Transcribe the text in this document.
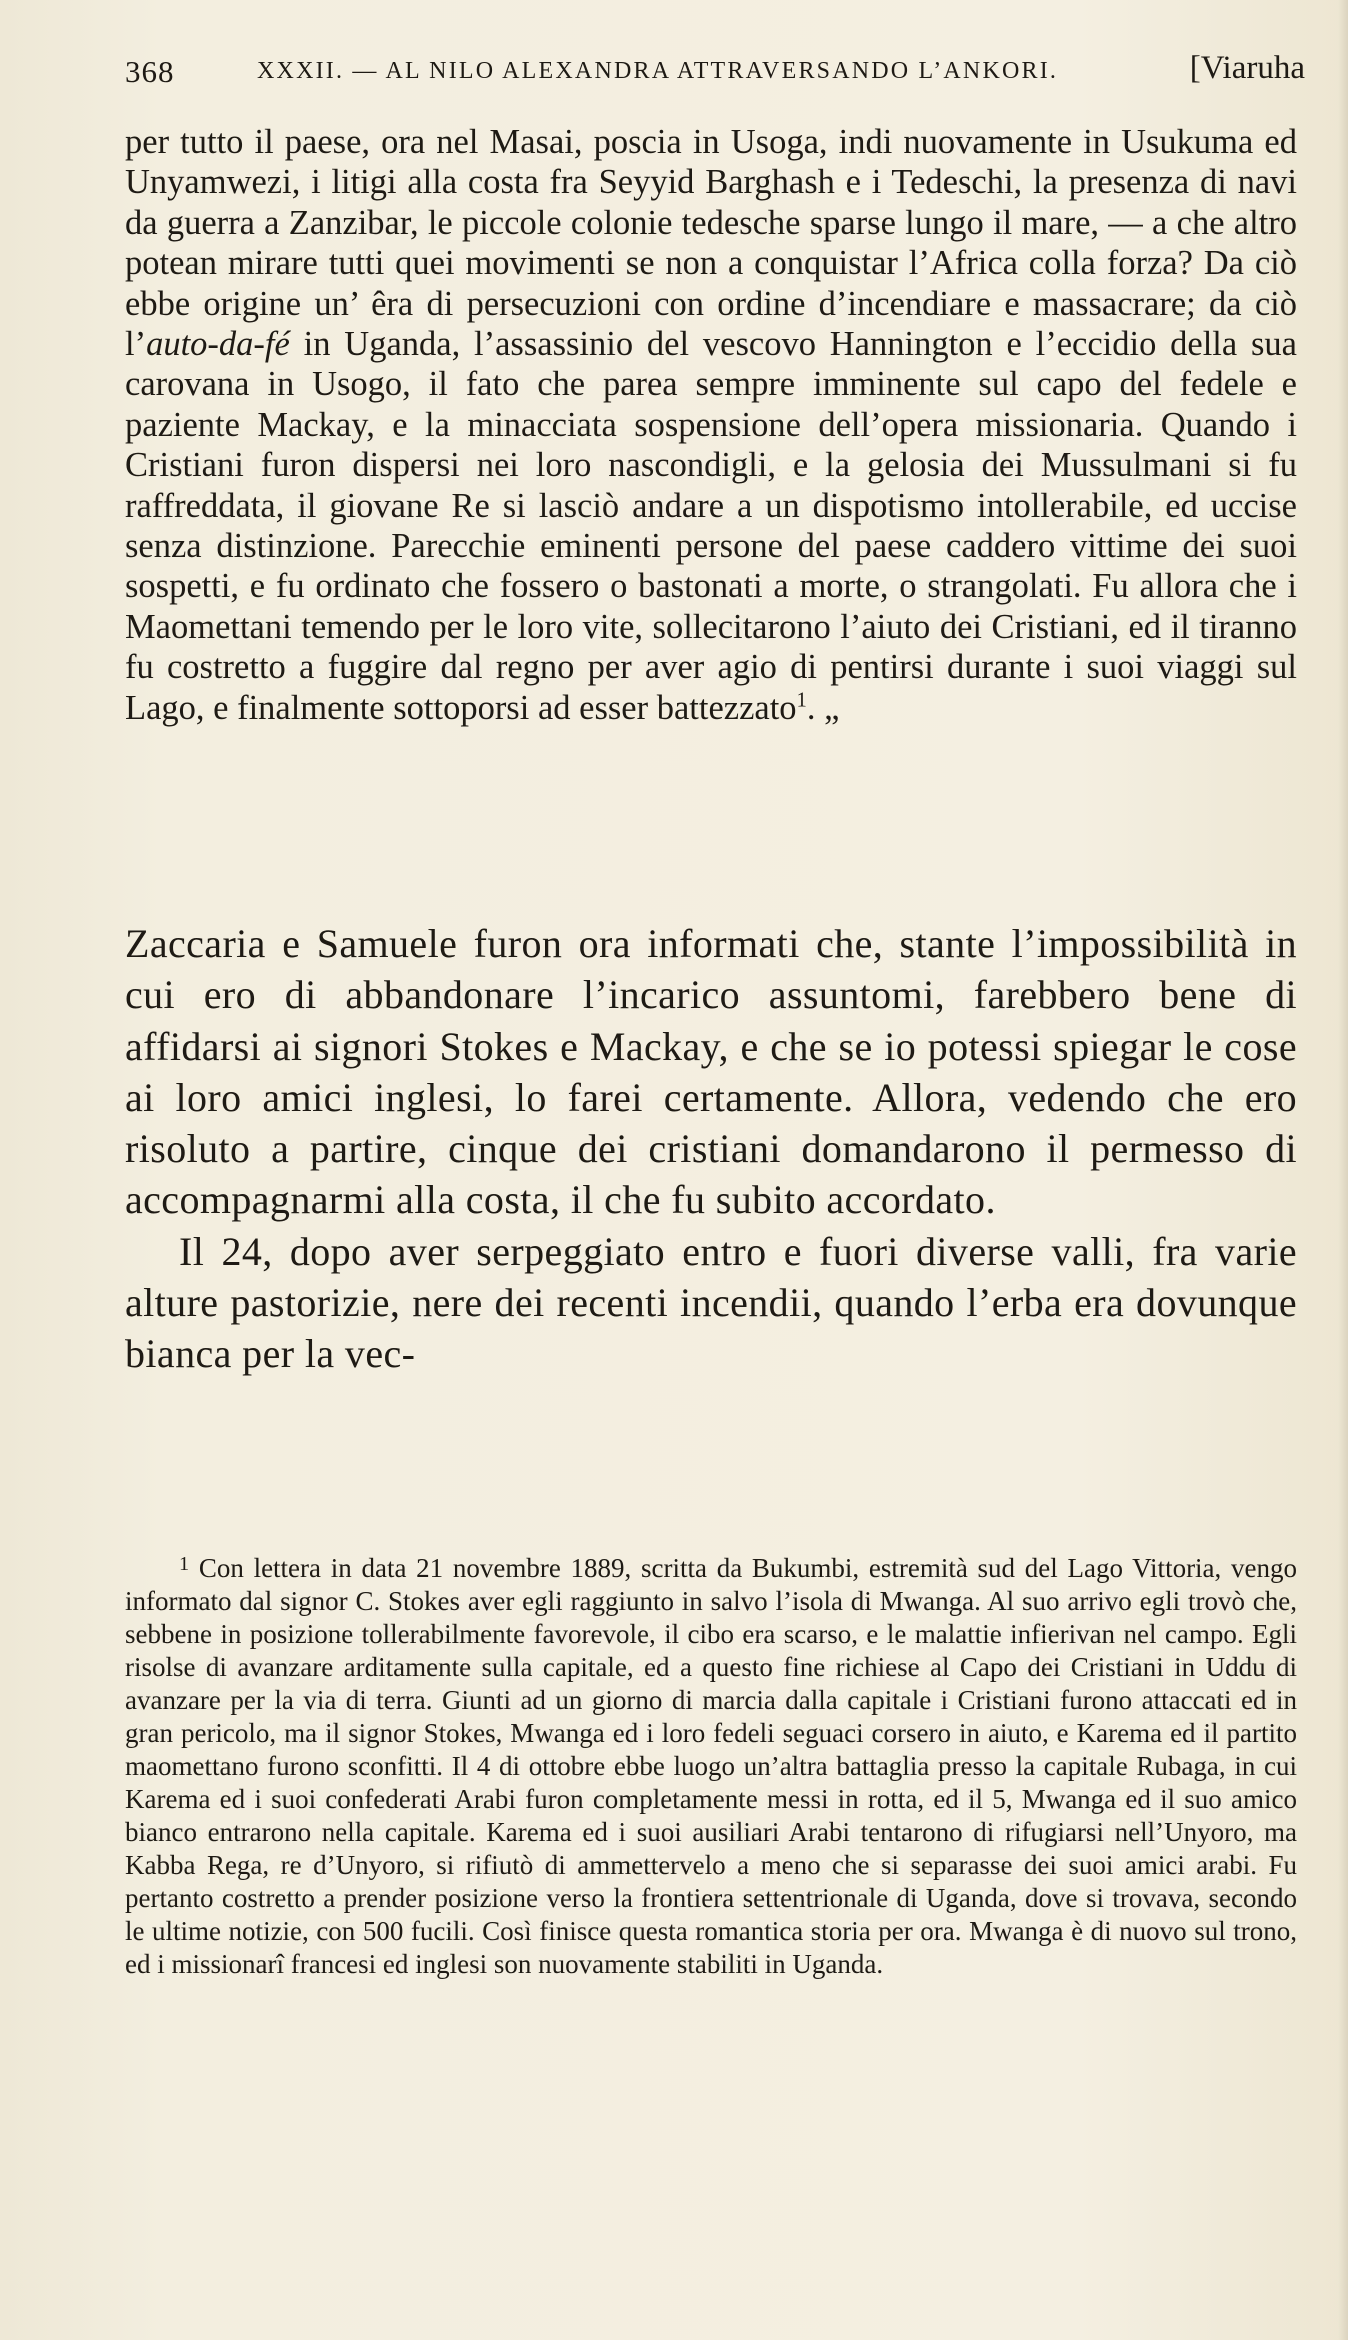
368	XXXII. — AL NILO ALEXANDRA ATTRAVERSANDO L’ANKORI.	[Viaruha

per tutto il paese, ora nel Masai, poscia in Usoga, indi nuovamente in Usukuma ed Unyamwezi, i litigi alla costa fra Seyyid Barghash e i Tedeschi, la presenza di navi da guerra a Zanzibar, le piccole colonie tedesche sparse lungo il mare, — a che altro potean mirare tutti quei movimenti se non a conquistar l’Africa colla forza? Da ciò ebbe origine un’ êra di persecuzioni con ordine d’incendiare e massacrare; da ciò l’auto-da-fé in Uganda, l’assassinio del vescovo Hannington e l’eccidio della sua carovana in Usogo, il fato che parea sempre imminente sul capo del fedele e paziente Mackay, e la minacciata sospensione dell’opera missionaria. Quando i Cristiani furon dispersi nei loro nascondigli, e la gelosia dei Mussulmani si fu raffreddata, il giovane Re si lasciò andare a un dispotismo intollerabile, ed uccise senza distinzione. Parecchie eminenti persone del paese caddero vittime dei suoi sospetti, e fu ordinato che fossero o bastonati a morte, o strangolati. Fu allora che i Maomettani temendo per le loro vite, sollecitarono l’aiuto dei Cristiani, ed il tiranno fu costretto a fuggire dal regno per aver agio di pentirsi durante i suoi viaggi sul Lago, e finalmente sottoporsi ad esser battezzato$^1$. „

Zaccaria e Samuele furon ora informati che, stante l’impossibilità in cui ero di abbandonare l’incarico assuntomi, farebbero bene di affidarsi ai signori Stokes e Mackay, e che se io potessi spiegar le cose ai loro amici inglesi, lo farei certamente. Allora, vedendo che ero risoluto a partire, cinque dei cristiani domandarono il permesso di accompagnarmi alla costa, il che fu subito accordato.

Il 24, dopo aver serpeggiato entro e fuori diverse valli, fra varie alture pastorizie, nere dei recenti incendii, quando l’erba era dovunque bianca per la vec-

$^1$ Con lettera in data 21 novembre 1889, scritta da Bukumbi, estremità sud del Lago Vittoria, vengo informato dal signor C. Stokes aver egli raggiunto in salvo l’isola di Mwanga. Al suo arrivo egli trovò che, sebbene in posizione tollerabilmente favorevole, il cibo era scarso, e le malattie infierivan nel campo. Egli risolse di avanzare arditamente sulla capitale, ed a questo fine richiese al Capo dei Cristiani in Uddu di avanzare per la via di terra. Giunti ad un giorno di marcia dalla capitale i Cristiani furono attaccati ed in gran pericolo, ma il signor Stokes, Mwanga ed i loro fedeli seguaci corsero in aiuto, e Karema ed il partito maomettano furono sconfitti. Il 4 di ottobre ebbe luogo un’altra battaglia presso la capitale Rubaga, in cui Karema ed i suoi confederati Arabi furon completamente messi in rotta, ed il 5, Mwanga ed il suo amico bianco entrarono nella capitale. Karema ed i suoi ausiliari Arabi tentarono di rifugiarsi nell’Unyoro, ma Kabba Rega, re d’Unyoro, si rifiutò di ammettervelo a meno che si separasse dei suoi amici arabi. Fu pertanto costretto a prender posizione verso la frontiera settentrionale di Uganda, dove si trovava, secondo le ultime notizie, con 500 fucili. Così finisce questa romantica storia per ora. Mwanga è di nuovo sul trono, ed i missionarî francesi ed inglesi son nuovamente stabiliti in Uganda.
